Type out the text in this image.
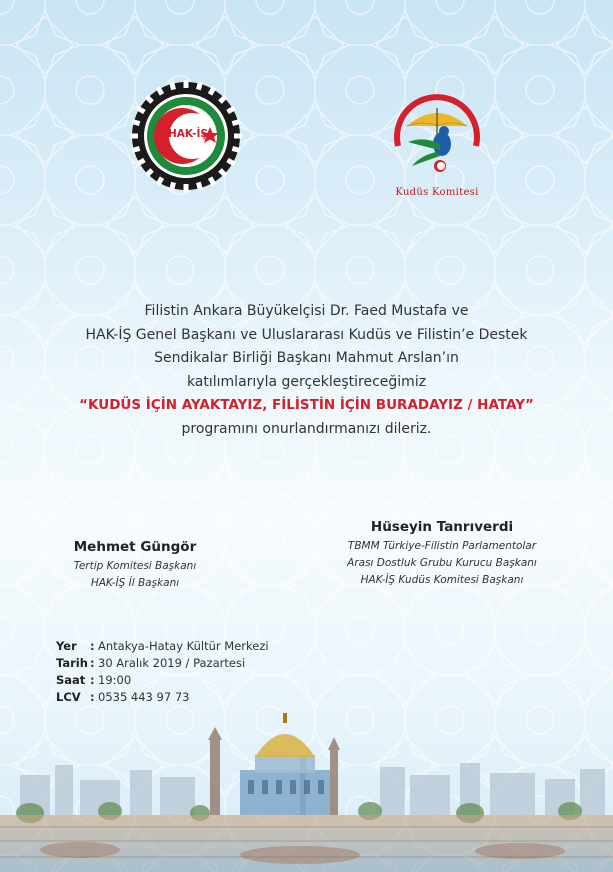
HAK-İŞ
Kudüs Komitesi
Filistin Ankara Büyükelçisi Dr. Faed Mustafa ve
HAK-İŞ Genel Başkanı ve Uluslararası Kudüs ve Filistin’e Destek
Sendikalar Birliği Başkanı Mahmut Arslan’ın
katılımlarıyla gerçekleştireceğimiz
“KUDÜS İÇİN AYAKTAYIZ, FİLİSTİN İÇİN BURADAYIZ / HATAY”
programını onurlandırmanızı dileriz.
Mehmet Güngör
Tertip Komitesi Başkanı
HAK-İŞ İl Başkanı
Hüseyin Tanrıverdi
TBMM Türkiye-Filistin Parlamentolar
Arası Dostluk Grubu Kurucu Başkanı
HAK-İŞ Kudüs Komitesi Başkanı
Yer : Antakya-Hatay Kültür Merkezi
Tarih : 30 Aralık 2019 / Pazartesi
Saat : 19:00
LCV : 0535 443 97 73
